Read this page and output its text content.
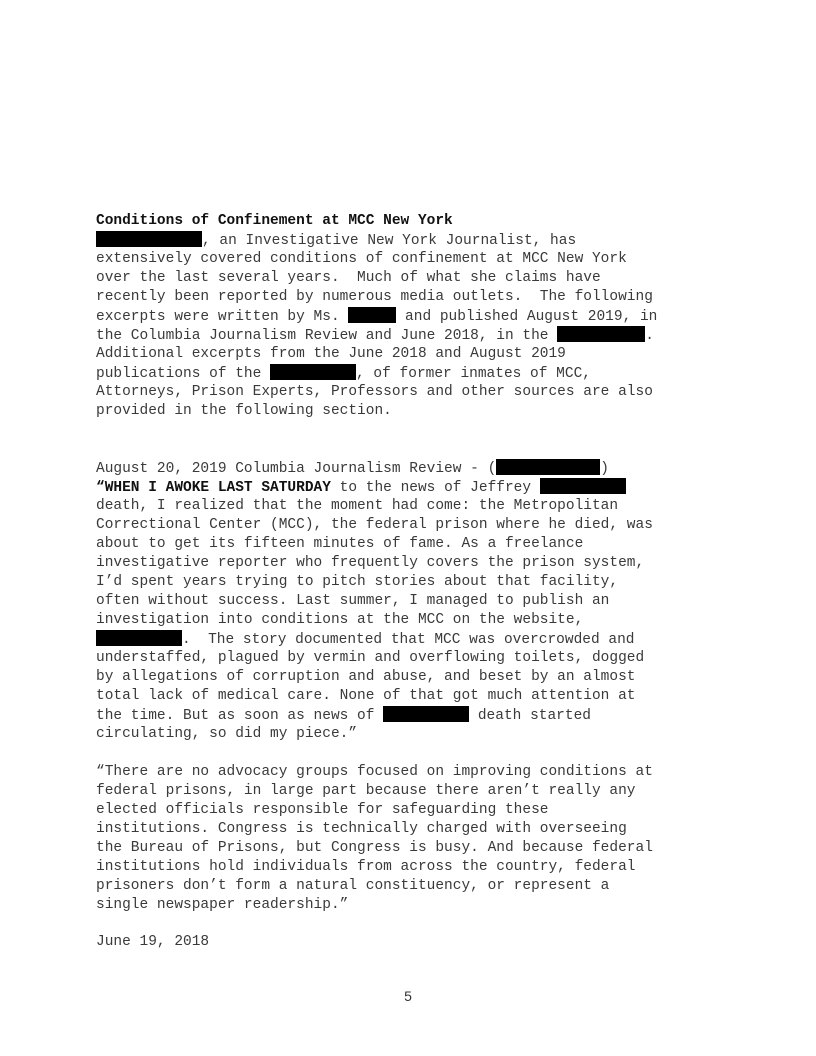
Conditions of Confinement at MCC New York
, an Investigative New York Journalist, has
extensively covered conditions of confinement at MCC New York
over the last several years.  Much of what she claims have
recently been reported by numerous media outlets.  The following
excerpts were written by Ms.	and published August 2019, in
the Columbia Journalism Review and June 2018, in the	.
Additional excerpts from the June 2018 and August 2019
publications of the	, of former inmates of MCC,
Attorneys, Prison Experts, Professors and other sources are also
provided in the following section.
August 20, 2019 Columbia Journalism Review - (	)
“WHEN I AWOKE LAST SATURDAY to the news of Jeffrey
death, I realized that the moment had come: the Metropolitan
Correctional Center (MCC), the federal prison where he died, was
about to get its fifteen minutes of fame. As a freelance
investigative reporter who frequently covers the prison system,
I’d spent years trying to pitch stories about that facility,
often without success. Last summer, I managed to publish an
investigation into conditions at the MCC on the website,
.  The story documented that MCC was overcrowded and
understaffed, plagued by vermin and overflowing toilets, dogged
by allegations of corruption and abuse, and beset by an almost
total lack of medical care. None of that got much attention at
the time. But as soon as news of	death started
circulating, so did my piece.”
“There are no advocacy groups focused on improving conditions at
federal prisons, in large part because there aren’t really any
elected officials responsible for safeguarding these
institutions. Congress is technically charged with overseeing
the Bureau of Prisons, but Congress is busy. And because federal
institutions hold individuals from across the country, federal
prisoners don’t form a natural constituency, or represent a
single newspaper readership.”
June 19, 2018
5
